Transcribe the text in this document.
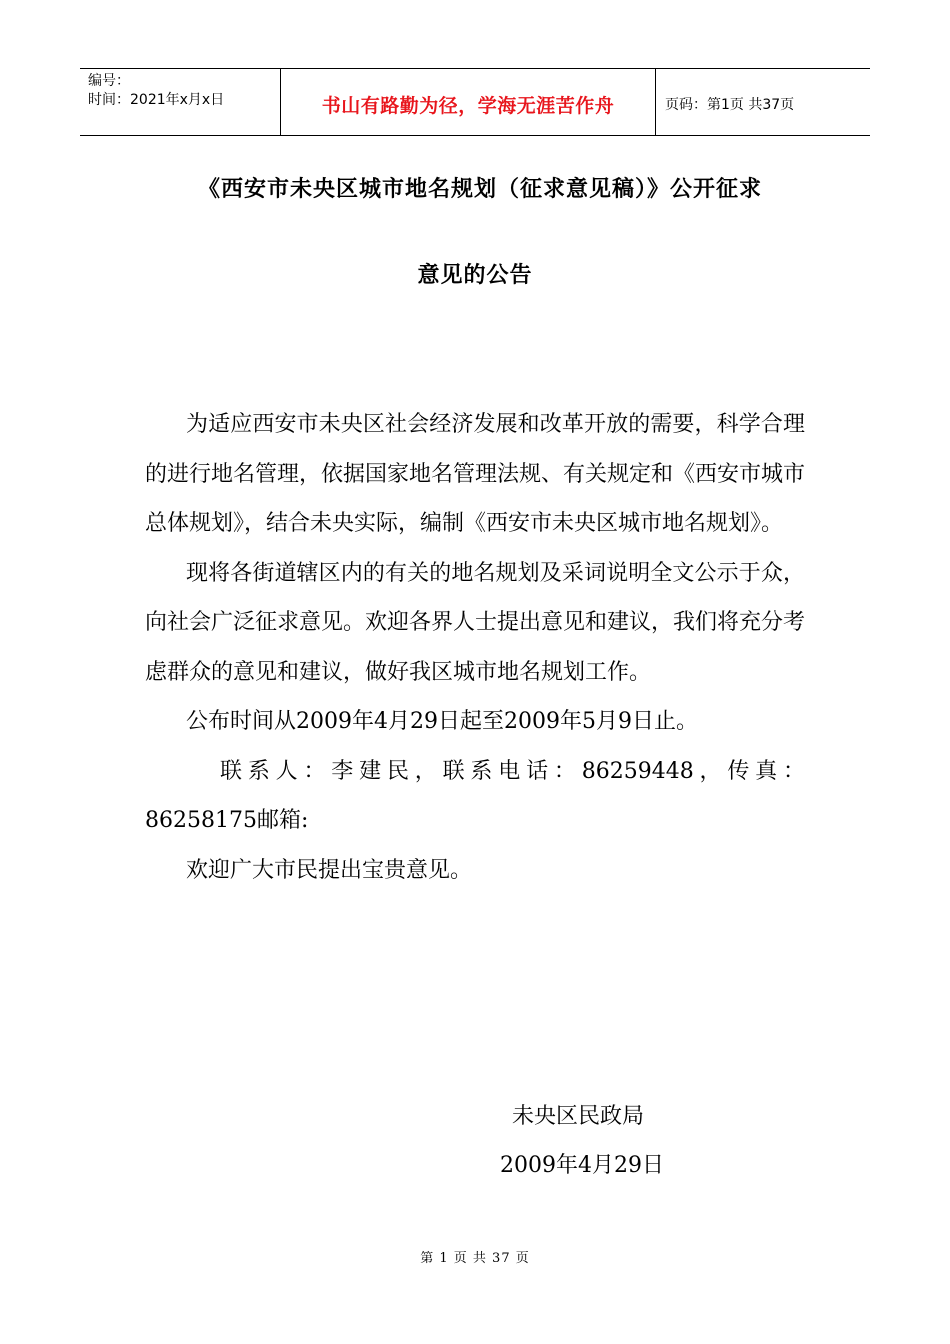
编号：
时间：2021年x月x日	书山有路勤为径，学海无涯苦作舟	页码：第1页 共37页
《西安市未央区城市地名规划（征求意见稿）》公开征求
意见的公告

为适应西安市未央区社会经济发展和改革开放的需要，科学合理的进行地名管理，依据国家地名管理法规、有关规定和《西安市城市总体规划》，结合未央实际，编制《西安市未央区城市地名规划》。

现将各街道辖区内的有关的地名规划及采词说明全文公示于众，向社会广泛征求意见。欢迎各界人士提出意见和建议，我们将充分考虑群众的意见和建议，做好我区城市地名规划工作。

公布时间从2009年4月29日起至2009年5月9日止。

联系人：李建民，联系电话：86259448，传真：86258175邮箱:

欢迎广大市民提出宝贵意见。

未央区民政局
2009年4月29日
第 1 页 共 37 页
